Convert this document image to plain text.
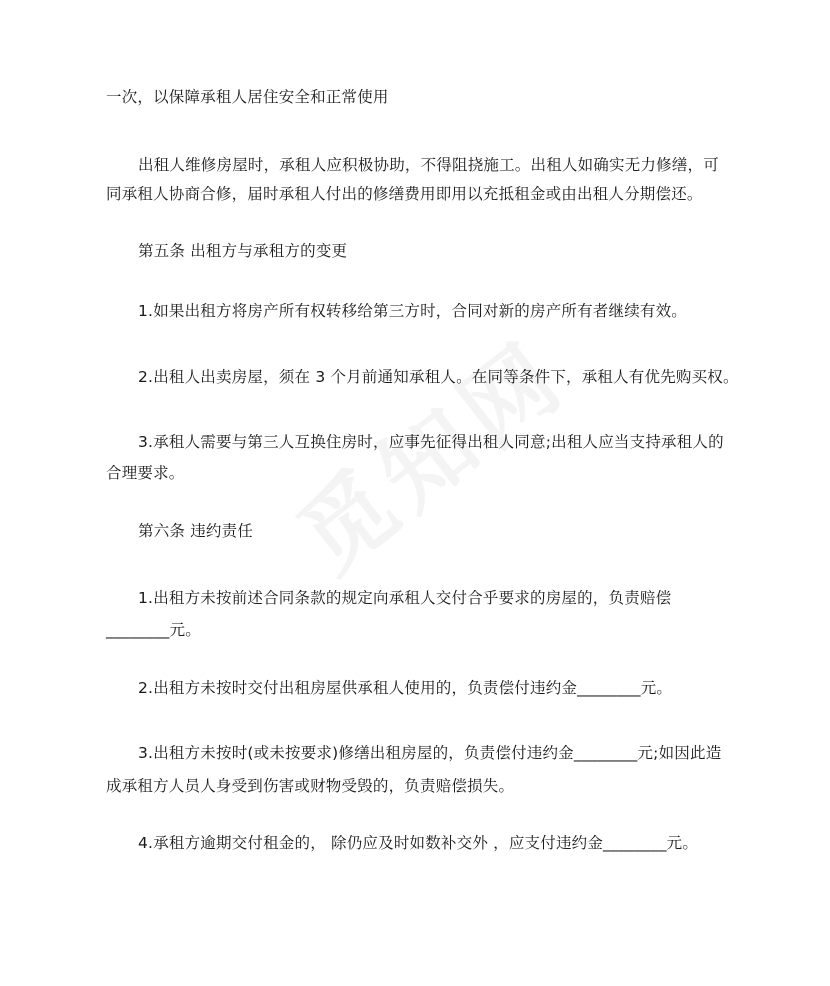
一次，以保障承租人居住安全和正常使用
出租人维修房屋时，承租人应积极协助，不得阻挠施工。出租人如确实无力修缮，可
同承租人协商合修，届时承租人付出的修缮费用即用以充抵租金或由出租人分期偿还。
第五条 出租方与承租方的变更
1.如果出租方将房产所有权转移给第三方时，合同对新的房产所有者继续有效。
2.出租人出卖房屋，须在 3 个月前通知承租人。在同等条件下，承租人有优先购买权。
3.承租人需要与第三人互换住房时，应事先征得出租人同意;出租人应当支持承租人的
合理要求。
第六条 违约责任
1.出租方未按前述合同条款的规定向承租人交付合乎要求的房屋的，负责赔偿
________元。
2.出租方未按时交付出租房屋供承租人使用的，负责偿付违约金________元。
3.出租方未按时(或未按要求)修缮出租房屋的，负责偿付违约金________元;如因此造
成承租方人员人身受到伤害或财物受毁的，负责赔偿损失。
4.承租方逾期交付租金的， 除仍应及时如数补交外 ，应支付违约金________元。
